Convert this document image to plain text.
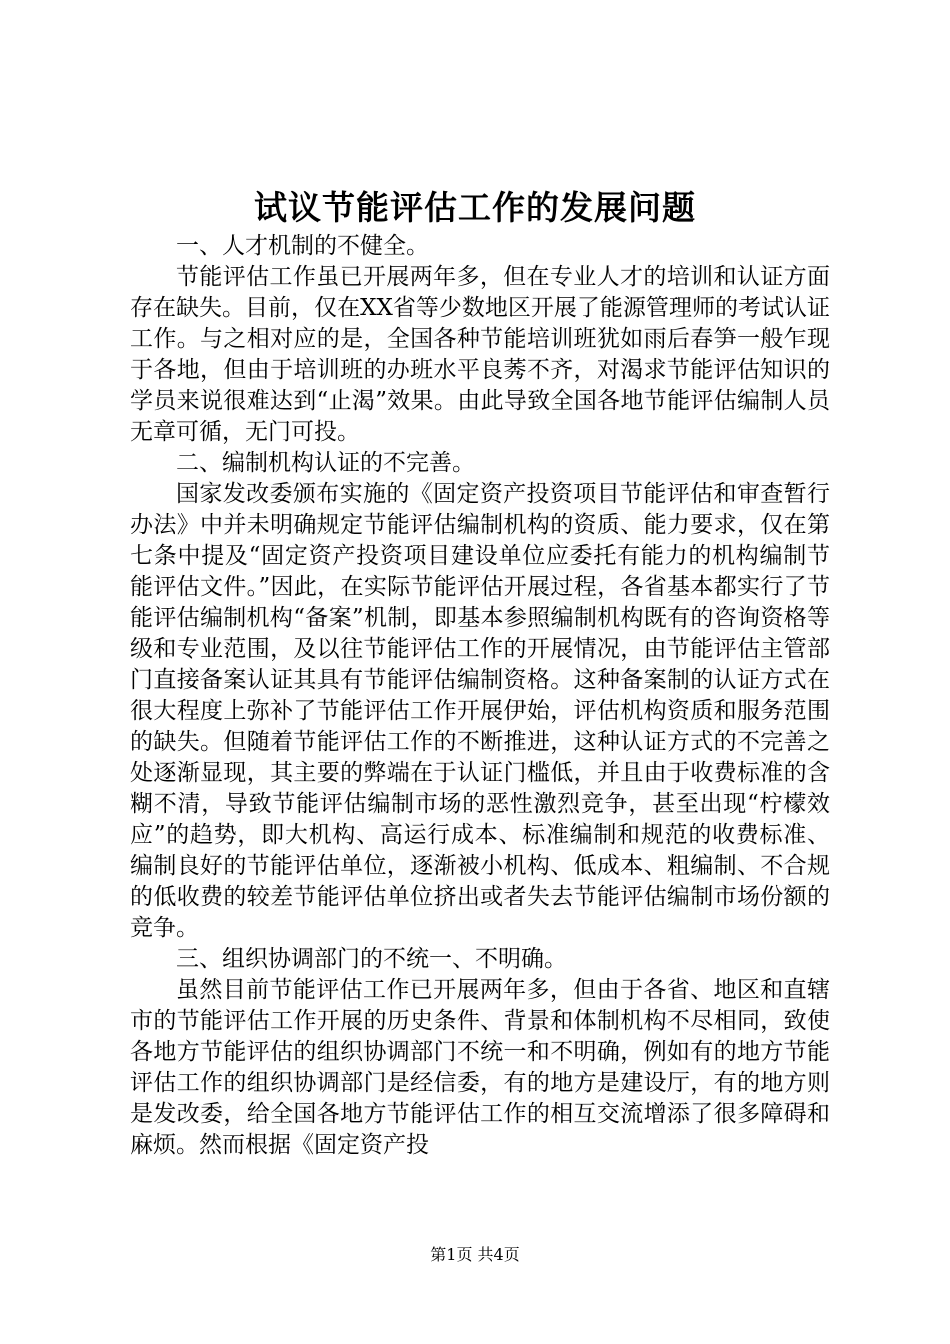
试议节能评估工作的发展问题

一、人才机制的不健全。

节能评估工作虽已开展两年多，但在专业人才的培训和认证方面存在缺失。目前，仅在XX省等少数地区开展了能源管理师的考试认证工作。与之相对应的是，全国各种节能培训班犹如雨后春笋一般乍现于各地，但由于培训班的办班水平良莠不齐，对渴求节能评估知识的学员来说很难达到“止渴”效果。由此导致全国各地节能评估编制人员无章可循，无门可投。

二、编制机构认证的不完善。

国家发改委颁布实施的《固定资产投资项目节能评估和审查暂行办法》中并未明确规定节能评估编制机构的资质、能力要求，仅在第七条中提及“固定资产投资项目建设单位应委托有能力的机构编制节能评估文件。”因此，在实际节能评估开展过程，各省基本都实行了节能评估编制机构“备案”机制，即基本参照编制机构既有的咨询资格等级和专业范围，及以往节能评估工作的开展情况，由节能评估主管部门直接备案认证其具有节能评估编制资格。这种备案制的认证方式在很大程度上弥补了节能评估工作开展伊始，评估机构资质和服务范围的缺失。但随着节能评估工作的不断推进，这种认证方式的不完善之处逐渐显现，其主要的弊端在于认证门槛低，并且由于收费标准的含糊不清，导致节能评估编制市场的恶性激烈竞争，甚至出现“柠檬效应”的趋势，即大机构、高运行成本、标准编制和规范的收费标准、编制良好的节能评估单位，逐渐被小机构、低成本、粗编制、不合规的低收费的较差节能评估单位挤出或者失去节能评估编制市场份额的竞争。

三、组织协调部门的不统一、不明确。

虽然目前节能评估工作已开展两年多，但由于各省、地区和直辖市的节能评估工作开展的历史条件、背景和体制机构不尽相同，致使各地方节能评估的组织协调部门不统一和不明确，例如有的地方节能评估工作的组织协调部门是经信委，有的地方是建设厅，有的地方则是发改委，给全国各地方节能评估工作的相互交流增添了很多障碍和麻烦。然而根据《固定资产投

第1页 共4页
